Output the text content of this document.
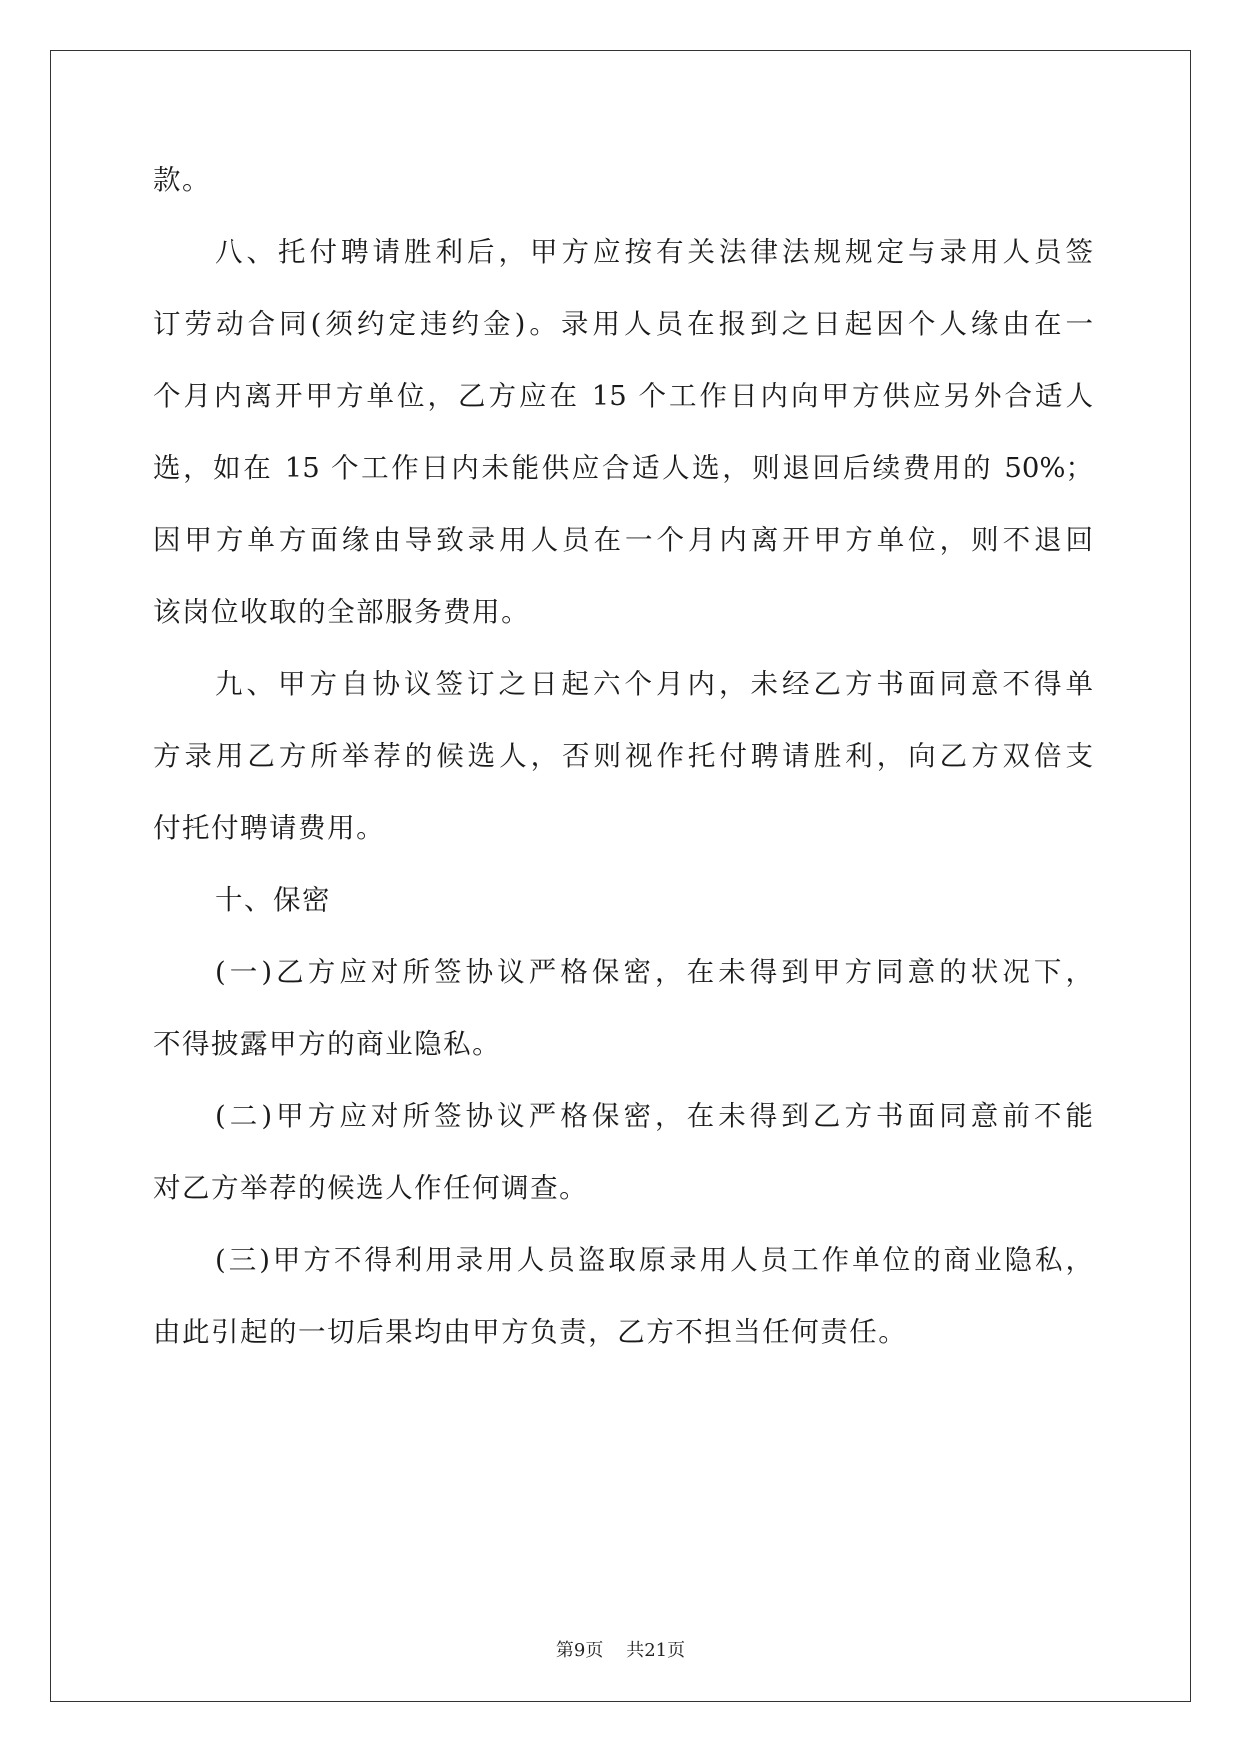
款。
八、托付聘请胜利后，甲方应按有关法律法规规定与录用人员签
订劳动合同(须约定违约金)。录用人员在报到之日起因个人缘由在一
个月内离开甲方单位，乙方应在 15 个工作日内向甲方供应另外合适人
选，如在 15 个工作日内未能供应合适人选，则退回后续费用的 50%；
因甲方单方面缘由导致录用人员在一个月内离开甲方单位，则不退回
该岗位收取的全部服务费用。
九、甲方自协议签订之日起六个月内，未经乙方书面同意不得单
方录用乙方所举荐的候选人，否则视作托付聘请胜利，向乙方双倍支
付托付聘请费用。
十、保密
(一)乙方应对所签协议严格保密，在未得到甲方同意的状况下，
不得披露甲方的商业隐私。
(二)甲方应对所签协议严格保密，在未得到乙方书面同意前不能
对乙方举荐的候选人作任何调查。
(三)甲方不得利用录用人员盗取原录用人员工作单位的商业隐私，
由此引起的一切后果均由甲方负责，乙方不担当任何责任。
第9页 共21页
